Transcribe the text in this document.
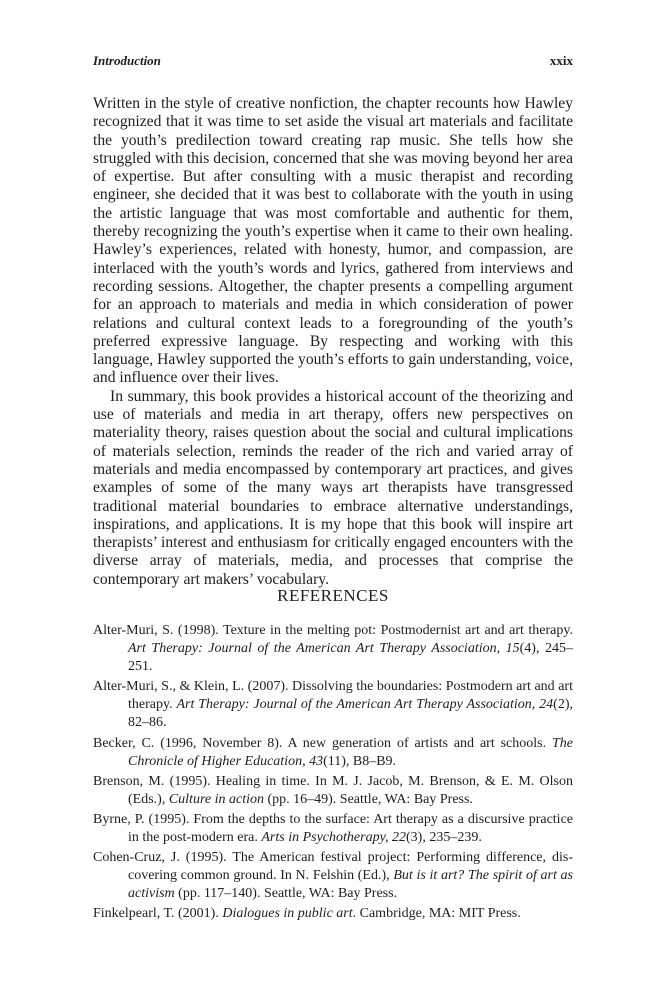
Introduction	xxix

Written in the style of creative nonfiction, the chapter recounts how Hawley recognized that it was time to set aside the visual art materials and facilitate the youth’s predilection toward creating rap music. She tells how she struggled with this decision, concerned that she was moving beyond her area of expertise. But after consulting with a music therapist and recording engineer, she decided that it was best to collaborate with the youth in using the artistic language that was most comfortable and authentic for them, thereby recognizing the youth’s expertise when it came to their own healing. Hawley’s experiences, related with honesty, humor, and compassion, are interlaced with the youth’s words and lyrics, gathered from interviews and recording sessions. Altogether, the chapter presents a compelling argument for an approach to materials and media in which consideration of power relations and cultural context leads to a foregrounding of the youth’s preferred expressive language. By respecting and working with this language, Hawley supported the youth’s efforts to gain understanding, voice, and influence over their lives.

In summary, this book provides a historical account of the theorizing and use of materials and media in art therapy, offers new perspectives on materiality theory, raises question about the social and cultural implications of materials selection, reminds the reader of the rich and varied array of materials and media encompassed by contemporary art practices, and gives examples of some of the many ways art therapists have transgressed traditional material boundaries to embrace alternative understandings, inspirations, and applications. It is my hope that this book will inspire art therapists’ interest and enthusiasm for critically engaged encounters with the diverse array of materials, media, and processes that comprise the contemporary art makers’ vocabulary.

REFERENCES

Alter-Muri, S. (1998). Texture in the melting pot: Postmodernist art and art therapy. Art Therapy: Journal of the American Art Therapy Association, 15(4), 245–251.

Alter-Muri, S., & Klein, L. (2007). Dissolving the boundaries: Postmodern art and art therapy. Art Therapy: Journal of the American Art Therapy Association, 24(2), 82–86.

Becker, C. (1996, November 8). A new generation of artists and art schools. The Chronicle of Higher Education, 43(11), B8–B9.

Brenson, M. (1995). Healing in time. In M. J. Jacob, M. Brenson, & E. M. Olson (Eds.), Culture in action (pp. 16–49). Seattle, WA: Bay Press.

Byrne, P. (1995). From the depths to the surface: Art therapy as a discursive practice in the post-modern era. Arts in Psychotherapy, 22(3), 235–239.

Cohen-Cruz, J. (1995). The American festival project: Performing difference, discovering common ground. In N. Felshin (Ed.), But is it art? The spirit of art as activism (pp. 117–140). Seattle, WA: Bay Press.

Finkelpearl, T. (2001). Dialogues in public art. Cambridge, MA: MIT Press.
